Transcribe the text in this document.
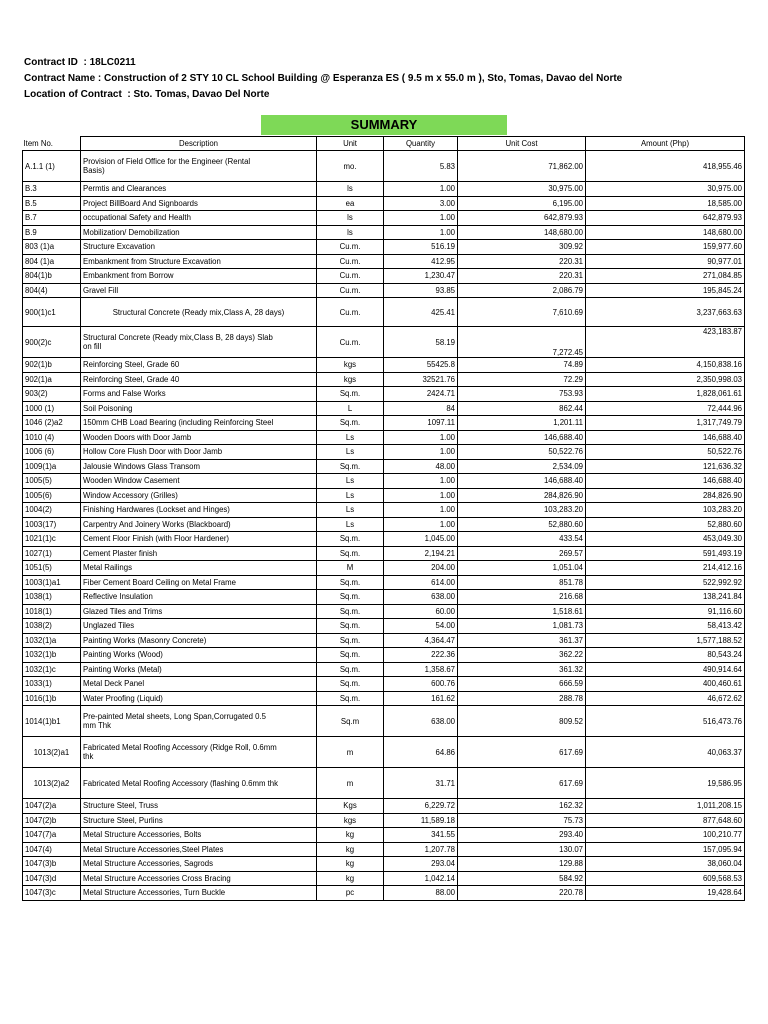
Contract ID : 18LC0211
Contract Name : Construction of 2 STY 10 CL School Building @ Esperanza ES ( 9.5 m x 55.0 m ), Sto, Tomas, Davao del Norte
Location of Contract : Sto. Tomas, Davao Del Norte
SUMMARY
Item No.	Description	Unit	Quantity	Unit Cost	Amount (Php)
A.1.1 (1)	Provision of Field Office for the Engineer (Rental Basis)	mo.	5.83	71,862.00	418,955.46
B.3	Permtis and Clearances	ls	1.00	30,975.00	30,975.00
B.5	Project BillBoard And Signboards	ea	3.00	6,195.00	18,585.00
B.7	occupational Safety and Health	ls	1.00	642,879.93	642,879.93
B.9	Mobilization/ Demobilization	ls	1.00	148,680.00	148,680.00
803 (1)a	Structure Excavation	Cu.m.	516.19	309.92	159,977.60
804 (1)a	Embankment from Structure Excavation	Cu.m.	412.95	220.31	90,977.01
804(1)b	Embankment from Borrow	Cu.m.	1,230.47	220.31	271,084.85
804(4)	Gravel Fill	Cu.m.	93.85	2,086.79	195,845.24
900(1)c1	Structural Concrete (Ready mix,Class A, 28 days)	Cu.m.	425.41	7,610.69	3,237,663.63
900(2)c	Structural Concrete (Ready mix,Class B, 28 days) Slab on fill	Cu.m.	58.19	7,272.45	423,183.87
902(1)b	Reinforcing Steel, Grade 60	kgs	55425.8	74.89	4,150,838.16
902(1)a	Reinforcing Steel, Grade 40	kgs	32521.76	72.29	2,350,998.03
903(2)	Forms and False Works	Sq.m.	2424.71	753.93	1,828,061.61
1000 (1)	Soil Poisoning	L	84	862.44	72,444.96
1046 (2)a2	150mm CHB Load Bearing (including Reinforcing Steel	Sq.m.	1097.11	1,201.11	1,317,749.79
1010 (4)	Wooden Doors with Door Jamb	Ls	1.00	146,688.40	146,688.40
1006 (6)	Hollow Core Flush Door with Door Jamb	Ls	1.00	50,522.76	50,522.76
1009(1)a	Jalousie Windows Glass Transom	Sq.m.	48.00	2,534.09	121,636.32
1005(5)	Wooden Window Casement	Ls	1.00	146,688.40	146,688.40
1005(6)	Window Accessory (Grilles)	Ls	1.00	284,826.90	284,826.90
1004(2)	Finishing Hardwares (Lockset and Hinges)	Ls	1.00	103,283.20	103,283.20
1003(17)	Carpentry And Joinery Works (Blackboard)	Ls	1.00	52,880.60	52,880.60
1021(1)c	Cement Floor Finish (with Floor Hardener)	Sq.m.	1,045.00	433.54	453,049.30
1027(1)	Cement Plaster finish	Sq.m.	2,194.21	269.57	591,493.19
1051(5)	Metal Railings	M	204.00	1,051.04	214,412.16
1003(1)a1	Fiber Cement Board Ceiling on Metal Frame	Sq.m.	614.00	851.78	522,992.92
1038(1)	Reflective Insulation	Sq.m.	638.00	216.68	138,241.84
1018(1)	Glazed Tiles and Trims	Sq.m.	60.00	1,518.61	91,116.60
1038(2)	Unglazed Tiles	Sq.m.	54.00	1,081.73	58,413.42
1032(1)a	Painting Works (Masonry Concrete)	Sq.m.	4,364.47	361.37	1,577,188.52
1032(1)b	Painting Works (Wood)	Sq.m.	222.36	362.22	80,543.24
1032(1)c	Painting Works (Metal)	Sq.m.	1,358.67	361.32	490,914.64
1033(1)	Metal Deck Panel	Sq.m.	600.76	666.59	400,460.61
1016(1)b	Water Proofing (Liquid)	Sq.m.	161.62	288.78	46,672.62
1014(1)b1	Pre-painted Metal sheets, Long Span,Corrugated 0.5 mm Thk	Sq.m	638.00	809.52	516,473.76
1013(2)a1	Fabricated Metal Roofing Accessory (Ridge Roll, 0.6mm thk	m	64.86	617.69	40,063.37
1013(2)a2	Fabricated Metal Roofing Accessory (flashing 0.6mm thk	m	31.71	617.69	19,586.95
1047(2)a	Structure Steel, Truss	Kgs	6,229.72	162.32	1,011,208.15
1047(2)b	Structure Steel, Purlins	kgs	11,589.18	75.73	877,648.60
1047(7)a	Metal Structure Accessories, Bolts	kg	341.55	293.40	100,210.77
1047(4)	Metal Structure Accessories,Steel Plates	kg	1,207.78	130.07	157,095.94
1047(3)b	Metal Structure Accessories, Sagrods	kg	293.04	129.88	38,060.04
1047(3)d	Metal Structure Accessories Cross Bracing	kg	1,042.14	584.92	609,568.53
1047(3)c	Metal Structure Accessories, Turn Buckle	pc	88.00	220.78	19,428.64
